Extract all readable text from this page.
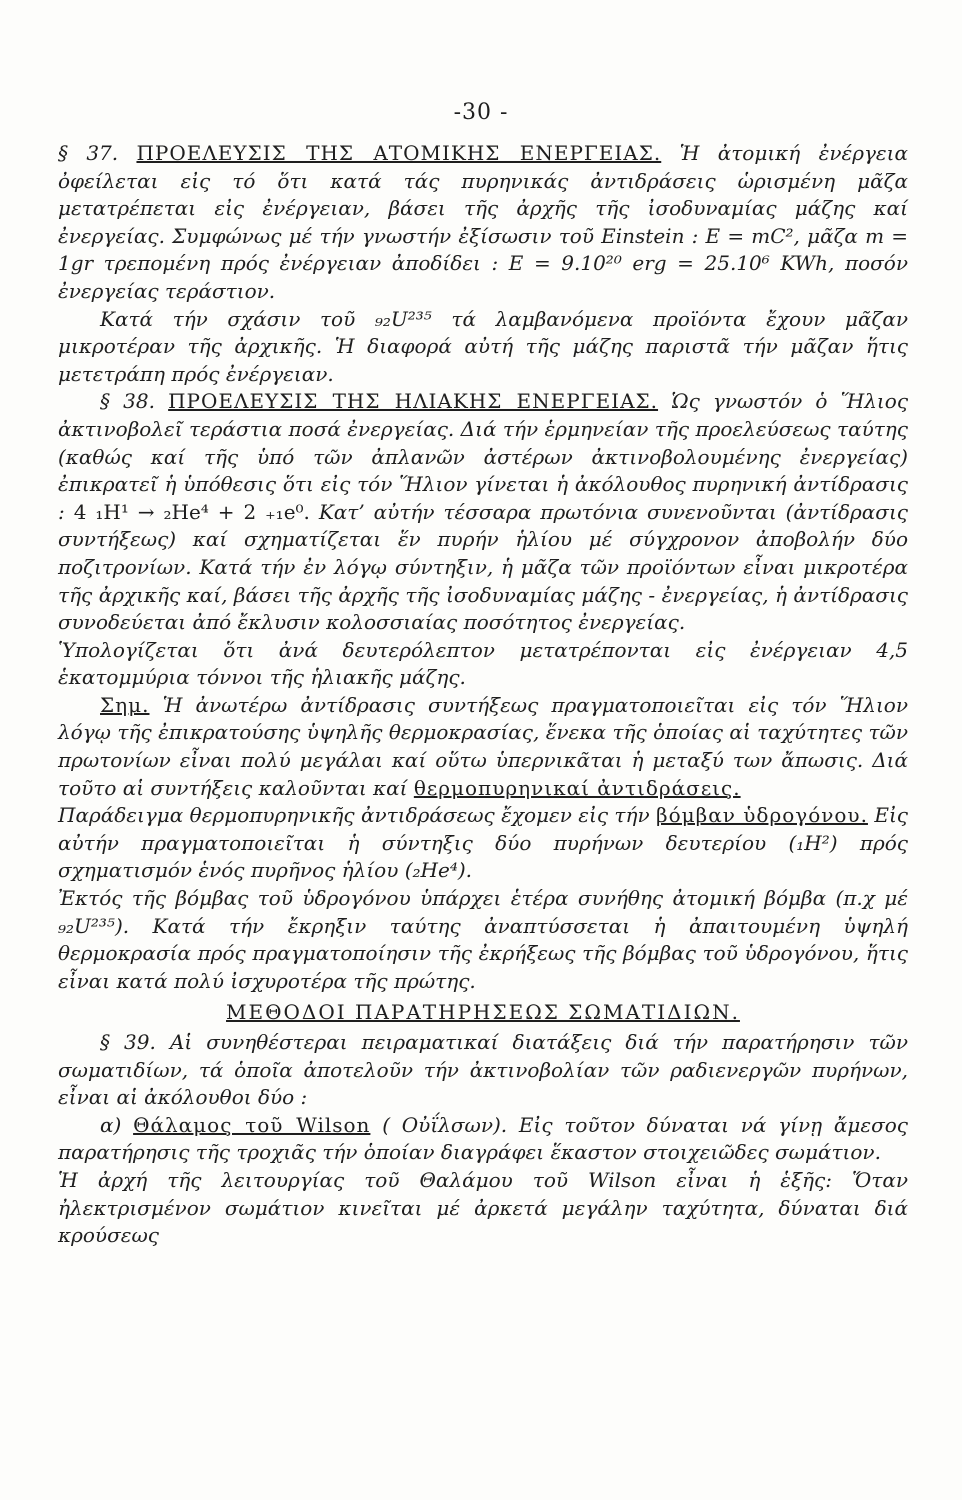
-30 -

§ 37. ΠΡΟΕΛΕΥΣΙΣ ΤΗΣ ΑΤΟΜΙΚΗΣ ΕΝΕΡΓΕΙΑΣ. Ἡ ἀτομική ἐνέργεια ὀφείλεται εἰς τό ὅτι κατά τάς πυρηνικάς ἀντιδράσεις ὡρισμένη μᾶζα μετατρέπεται εἰς ἐνέργειαν, βάσει τῆς ἀρχῆς τῆς ἰσοδυναμίας μάζης καί ἐνεργείας. Συμφώνως μέ τήν γνωστήν ἐξίσωσιν τοῦ Einstein : E = mC², μᾶζα m = 1gr τρεπομένη πρός ἐνέργειαν ἀποδίδει : E = 9.10²⁰ erg = 25.10⁶ KWh, ποσόν ἐνεργείας τεράστιον.

Κατά τήν σχάσιν τοῦ ₉₂U²³⁵ τά λαμβανόμενα προϊόντα ἔχουν μᾶζαν μικροτέραν τῆς ἀρχικῆς. Ἡ διαφορά αὐτή τῆς μάζης παριστᾶ τήν μᾶζαν ἥτις μετετράπη πρός ἐνέργειαν.

§ 38. ΠΡΟΕΛΕΥΣΙΣ ΤΗΣ ΗΛΙΑΚΗΣ ΕΝΕΡΓΕΙΑΣ. Ὡς γνωστόν ὁ Ἥλιος ἀκτινοβολεῖ τεράστια ποσά ἐνεργείας. Διά τήν ἑρμηνείαν τῆς προελεύσεως ταύτης (καθώς καί τῆς ὑπό τῶν ἀπλανῶν ἀστέρων ἀκτινοβολουμένης ἐνεργείας) ἐπικρατεῖ ἡ ὑπόθεσις ὅτι εἰς τόν Ἥλιον γίνεται ἡ ἀκόλουθος πυρηνική ἀντίδρασις : 4 ₁H¹ → ₂He⁴ + 2 ₊₁e⁰. Κατ’ αὐτήν τέσσαρα πρωτόνια συνενοῦνται (ἀντίδρασις συντήξεως) καί σχηματίζεται ἕν πυρήν ἡλίου μέ σύγχρονον ἀποβολήν δύο ποζιτρονίων. Κατά τήν ἐν λόγῳ σύντηξιν, ἡ μᾶζα τῶν προϊόντων εἶναι μικροτέρα τῆς ἀρχικῆς καί, βάσει τῆς ἀρχῆς τῆς ἰσοδυναμίας μάζης - ἐνεργείας, ἡ ἀντίδρασις συνοδεύεται ἀπό ἔκλυσιν κολοσσιαίας ποσότητος ἐνεργείας.

Ὑπολογίζεται ὅτι ἀνά δευτερόλεπτον μετατρέπονται εἰς ἐνέργειαν 4,5 ἑκατομμύρια τόννοι τῆς ἡλιακῆς μάζης.

Σημ. Ἡ ἀνωτέρω ἀντίδρασις συντήξεως πραγματοποιεῖται εἰς τόν Ἥλιον λόγῳ τῆς ἐπικρατούσης ὑψηλῆς θερμοκρασίας, ἕνεκα τῆς ὁποίας αἱ ταχύτητες τῶν πρωτονίων εἶναι πολύ μεγάλαι καί οὕτω ὑπερνικᾶται ἡ μεταξύ των ἄπωσις. Διά τοῦτο αἱ συντήξεις καλοῦνται καί θερμοπυρηνικαί ἀντιδράσεις.

Παράδειγμα θερμοπυρηνικῆς ἀντιδράσεως ἔχομεν εἰς τήν βόμβαν ὑδρογόνου. Εἰς αὐτήν πραγματοποιεῖται ἡ σύντηξις δύο πυρήνων δευτερίου (₁H²) πρός σχηματισμόν ἑνός πυρῆνος ἡλίου (₂He⁴).

Ἐκτός τῆς βόμβας τοῦ ὑδρογόνου ὑπάρχει ἑτέρα συνήθης ἀτομική βόμβα (π.χ μέ ₉₂U²³⁵). Κατά τήν ἔκρηξιν ταύτης ἀναπτύσσεται ἡ ἀπαιτουμένη ὑψηλή θερμοκρασία πρός πραγματοποίησιν τῆς ἐκρήξεως τῆς βόμβας τοῦ ὑδρογόνου, ἥτις εἶναι κατά πολύ ἰσχυροτέρα τῆς πρώτης.

ΜΕΘΟΔΟΙ ΠΑΡΑΤΗΡΗΣΕΩΣ ΣΩΜΑΤΙΔΙΩΝ.

§ 39. Αἱ συνηθέστεραι πειραματικαί διατάξεις διά τήν παρατήρησιν τῶν σωματιδίων, τά ὁποῖα ἀποτελοῦν τήν ἀκτινοβολίαν τῶν ραδιενεργῶν πυρήνων, εἶναι αἱ ἀκόλουθοι δύο :

α) Θάλαμος τοῦ Wilson ( Οὐΐλσων). Εἰς τοῦτον δύναται νά γίνῃ ἄμεσος παρατήρησις τῆς τροχιᾶς τήν ὁποίαν διαγράφει ἕκαστον στοιχειῶδες σωμάτιον.

Ἡ ἀρχή τῆς λειτουργίας τοῦ Θαλάμου τοῦ Wilson εἶναι ἡ ἑξῆς: Ὅταν ἠλεκτρισμένον σωμάτιον κινεῖται μέ ἀρκετά μεγάλην ταχύτητα, δύναται διά κρούσεως
